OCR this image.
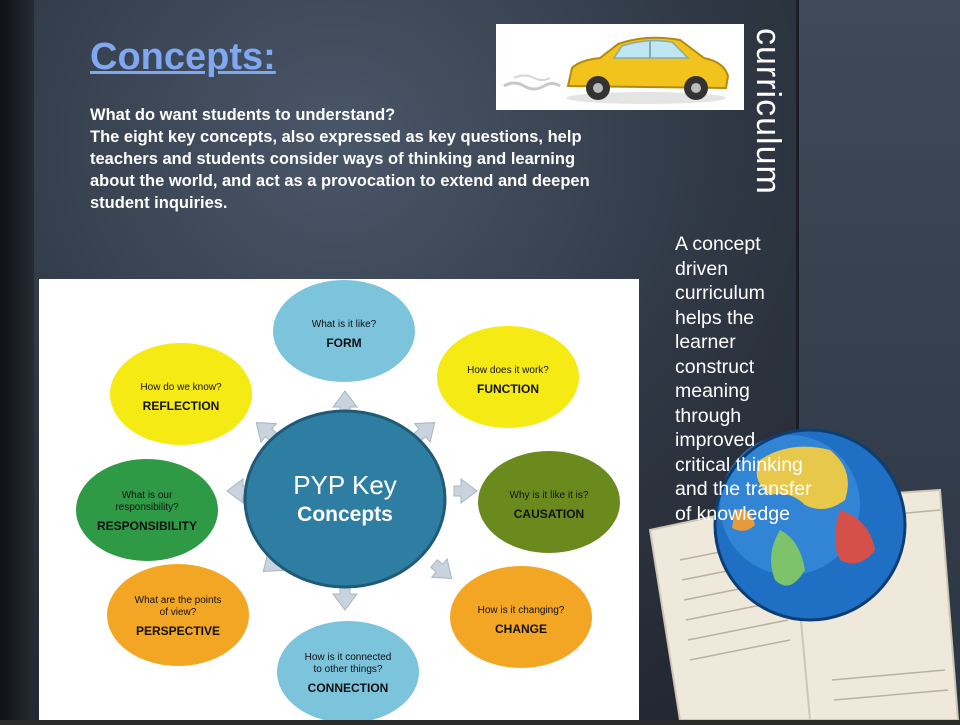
Concepts:
What do want students to understand?
The eight key concepts, also expressed as key questions, help
teachers and students consider ways of thinking and learning
about the world, and act as a provocation to extend and deepen
student inquiries.
curriculum

A concept driven curriculum helps the learner construct meaning through improved critical thinking and the transfer of knowledge

PYP Key
Concepts
What is it like?
FORM
How does it work?
FUNCTION
Why is it like it is?
CAUSATION
How is it changing?
CHANGE
How is it connected
to other things?
CONNECTION
What are the points
of view?
PERSPECTIVE
What is our
responsibility?
RESPONSIBILITY
How do we know?
REFLECTION
